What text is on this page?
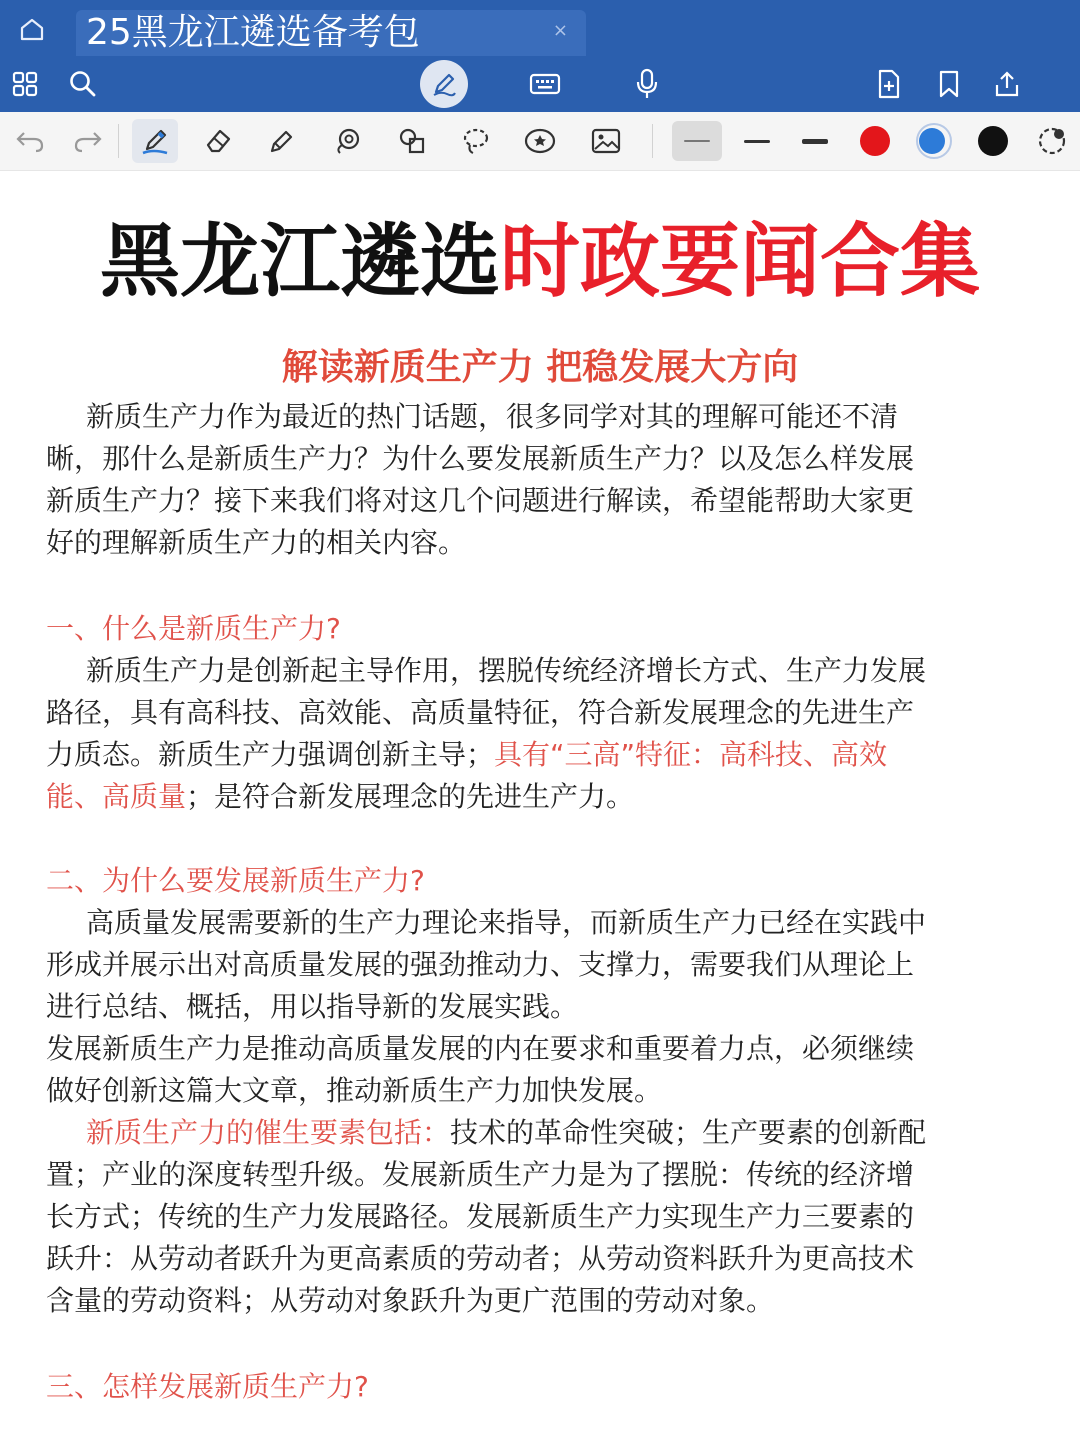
25黑龙江遴选备考包	×
黑龙江遴选时政要闻合集
解读新质生产力 把稳发展大方向
新质生产力作为最近的热门话题，很多同学对其的理解可能还不清
晰，那什么是新质生产力？为什么要发展新质生产力？以及怎么样发展
新质生产力？接下来我们将对这几个问题进行解读，希望能帮助大家更
好的理解新质生产力的相关内容。
一、什么是新质生产力?
新质生产力是创新起主导作用，摆脱传统经济增长方式、生产力发展
路径，具有高科技、高效能、高质量特征，符合新发展理念的先进生产
力质态。新质生产力强调创新主导；具有“三高”特征：高科技、高效
能、高质量；是符合新发展理念的先进生产力。
二、为什么要发展新质生产力?
高质量发展需要新的生产力理论来指导，而新质生产力已经在实践中
形成并展示出对高质量发展的强劲推动力、支撑力，需要我们从理论上
进行总结、概括，用以指导新的发展实践。
发展新质生产力是推动高质量发展的内在要求和重要着力点，必须继续
做好创新这篇大文章，推动新质生产力加快发展。
新质生产力的催生要素包括：技术的革命性突破；生产要素的创新配
置；产业的深度转型升级。发展新质生产力是为了摆脱：传统的经济增
长方式；传统的生产力发展路径。发展新质生产力实现生产力三要素的
跃升：从劳动者跃升为更高素质的劳动者；从劳动资料跃升为更高技术
含量的劳动资料；从劳动对象跃升为更广范围的劳动对象。
三、怎样发展新质生产力?
